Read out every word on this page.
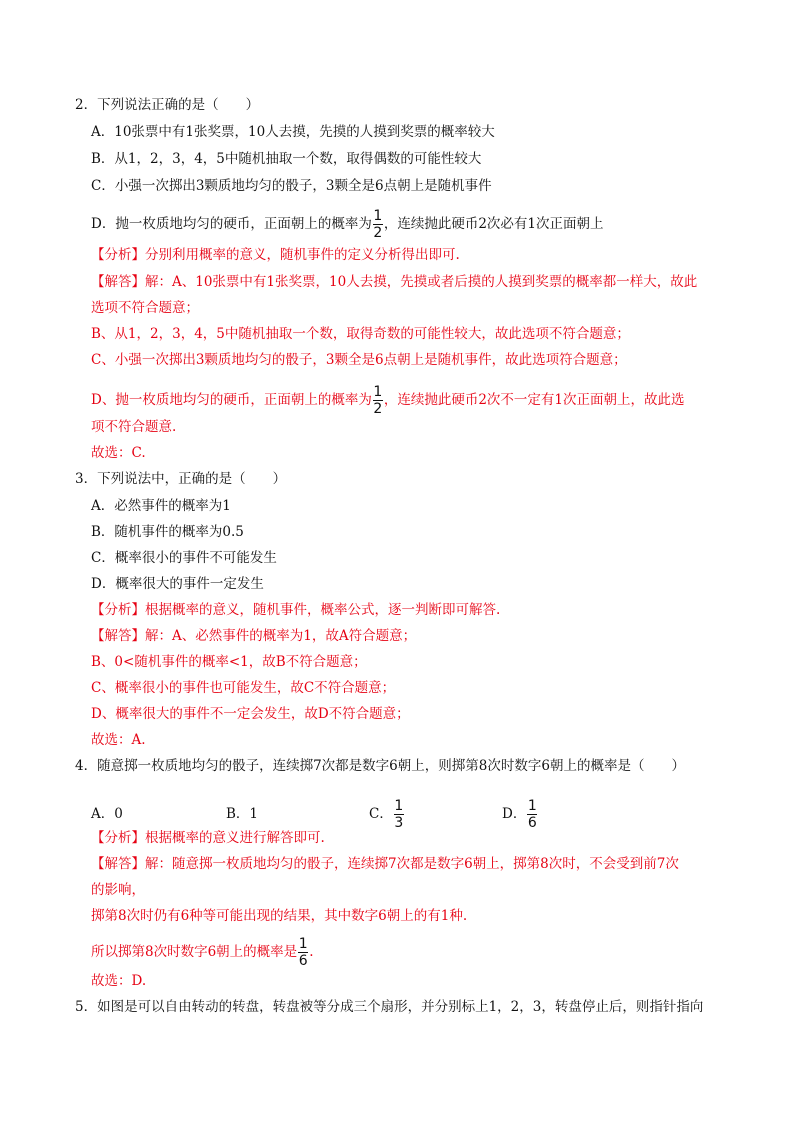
2．下列说法正确的是（　　）
A．10张票中有1张奖票，10人去摸，先摸的人摸到奖票的概率较大
B．从1，2，3，4，5中随机抽取一个数，取得偶数的可能性较大
C．小强一次掷出3颗质地均匀的骰子，3颗全是6点朝上是随机事件
D．抛一枚质地均匀的硬币，正面朝上的概率为 $\frac{1}{2}$ ，连续抛此硬币2次必有1次正面朝上
【分析】分别利用概率的意义，随机事件的定义分析得出即可.
【解答】解：A、10张票中有1张奖票，10人去摸，先摸或者后摸的人摸到奖票的概率都一样大，故此
选项不符合题意；
B、从1，2，3，4，5中随机抽取一个数，取得奇数的可能性较大，故此选项不符合题意；
C、小强一次掷出3颗质地均匀的骰子，3颗全是6点朝上是随机事件，故此选项符合题意；
D、抛一枚质地均匀的硬币，正面朝上的概率为 $\frac{1}{2}$ ，连续抛此硬币2次不一定有1次正面朝上，故此选
项不符合题意.
故选：C.
3．下列说法中，正确的是（　　）
A．必然事件的概率为1
B．随机事件的概率为0.5
C．概率很小的事件不可能发生
D．概率很大的事件一定发生
【分析】根据概率的意义，随机事件，概率公式，逐一判断即可解答.
【解答】解：A、必然事件的概率为1，故A符合题意；
B、0<随机事件的概率<1，故B不符合题意；
C、概率很小的事件也可能发生，故C不符合题意；
D、概率很大的事件不一定会发生，故D不符合题意；
故选：A.
4．随意掷一枚质地均匀的骰子，连续掷7次都是数字6朝上，则掷第8次时数字6朝上的概率是（　　）
A．0	B．1	C． $\frac{1}{3}$	D． $\frac{1}{6}$
【分析】根据概率的意义进行解答即可.
【解答】解：随意掷一枚质地均匀的骰子，连续掷7次都是数字6朝上，掷第8次时，不会受到前7次
的影响，
掷第8次时仍有6种等可能出现的结果，其中数字6朝上的有1种.
所以掷第8次时数字6朝上的概率是 $\frac{1}{6}$ .
故选：D.
5．如图是可以自由转动的转盘，转盘被等分成三个扇形，并分别标上1，2，3，转盘停止后，则指针指向
